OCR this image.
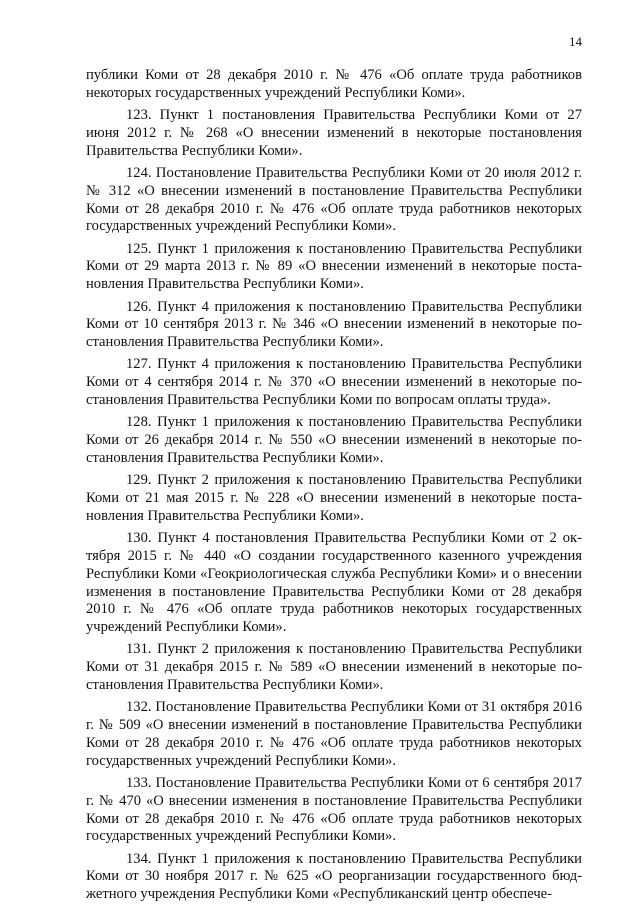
14

публики Коми от 28 декабря 2010 г. № 476 «Об оплате труда работников некоторых государственных учреждений Республики Коми».

123. Пункт 1 постановления Правительства Республики Коми от 27 июня 2012 г. № 268 «О внесении изменений в некоторые постановления Правительства Республики Коми».

124. Постановление Правительства Республики Коми от 20 июля 2012 г. № 312 «О внесении изменений в постановление Правительства Республики Коми от 28 декабря 2010 г. № 476 «Об оплате труда работников некоторых государственных учреждений Республики Коми».

125. Пункт 1 приложения к постановлению Правительства Республики Коми от 29 марта 2013 г. № 89 «О внесении изменений в некоторые постановления Правительства Республики Коми».

126. Пункт 4 приложения к постановлению Правительства Республики Коми от 10 сентября 2013 г. № 346 «О внесении изменений в некоторые постановления Правительства Республики Коми».

127. Пункт 4 приложения к постановлению Правительства Республики Коми от 4 сентября 2014 г. № 370 «О внесении изменений в некоторые постановления Правительства Республики Коми по вопросам оплаты труда».

128. Пункт 1 приложения к постановлению Правительства Республики Коми от 26 декабря 2014 г. № 550 «О внесении изменений в некоторые постановления Правительства Республики Коми».

129. Пункт 2 приложения к постановлению Правительства Республики Коми от 21 мая 2015 г. № 228 «О внесении изменений в некоторые постановления Правительства Республики Коми».

130. Пункт 4 постановления Правительства Республики Коми от 2 октября 2015 г. № 440 «О создании государственного казенного учреждения Республики Коми «Геокриологическая служба Республики Коми» и о внесении изменения в постановление Правительства Республики Коми от 28 декабря 2010 г. № 476 «Об оплате труда работников некоторых государственных учреждений Республики Коми».

131. Пункт 2 приложения к постановлению Правительства Республики Коми от 31 декабря 2015 г. № 589 «О внесении изменений в некоторые постановления Правительства Республики Коми».

132. Постановление Правительства Республики Коми от 31 октября 2016 г. № 509 «О внесении изменений в постановление Правительства Республики Коми от 28 декабря 2010 г. № 476 «Об оплате труда работников некоторых государственных учреждений Республики Коми».

133. Постановление Правительства Республики Коми от 6 сентября 2017 г. № 470 «О внесении изменения в постановление Правительства Республики Коми от 28 декабря 2010 г. № 476 «Об оплате труда работников некоторых государственных учреждений Республики Коми».

134. Пункт 1 приложения к постановлению Правительства Республики Коми от 30 ноября 2017 г. № 625 «О реорганизации государственного бюджетного учреждения Республики Коми «Республиканский центр обеспече-
